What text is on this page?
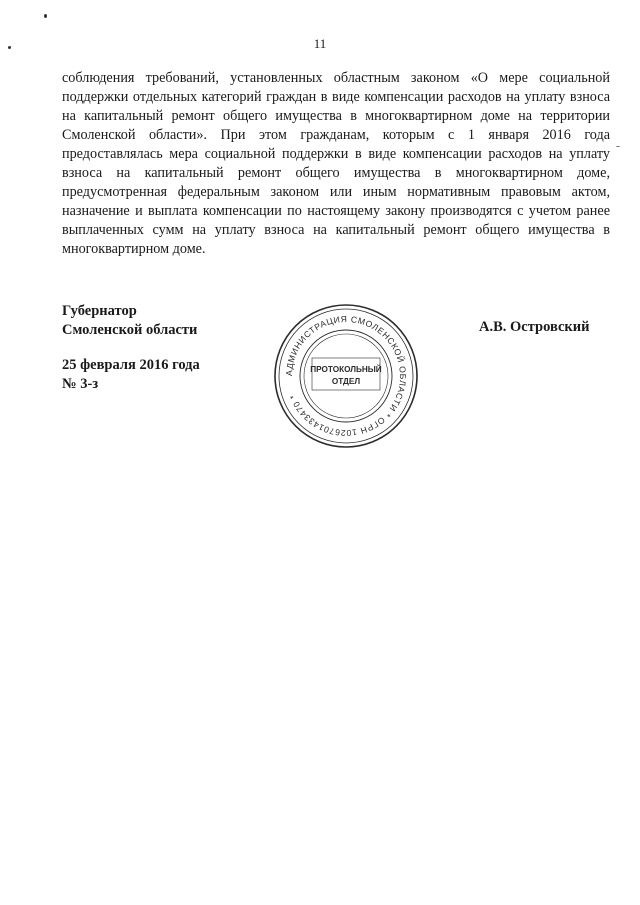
11

соблюдения требований, установленных областным законом «О мере социальной поддержки отдельных категорий граждан в виде компенсации расходов на уплату взноса на капитальный ремонт общего имущества в многоквартирном доме на территории Смоленской области». При этом гражданам, которым с 1 января 2016 года предоставлялась мера социальной поддержки в виде компенсации расходов на уплату взноса на капитальный ремонт общего имущества в многоквартирном доме, предусмотренная федеральным законом или иным нормативным правовым актом, назначение и выплата компенсации по настоящему закону производятся с учетом ранее выплаченных сумм на уплату взноса на капитальный ремонт общего имущества в многоквартирном доме.

Губернатор
Смоленской области
25 февраля 2016 года
№ 3-з
А.В. Островский
АДМИНИСТРАЦИЯ СМОЛЕНСКОЙ ОБЛАСТИ * ОГРН 1026701433470 *
ПРОТОКОЛЬНЫЙ
ОТДЕЛ
